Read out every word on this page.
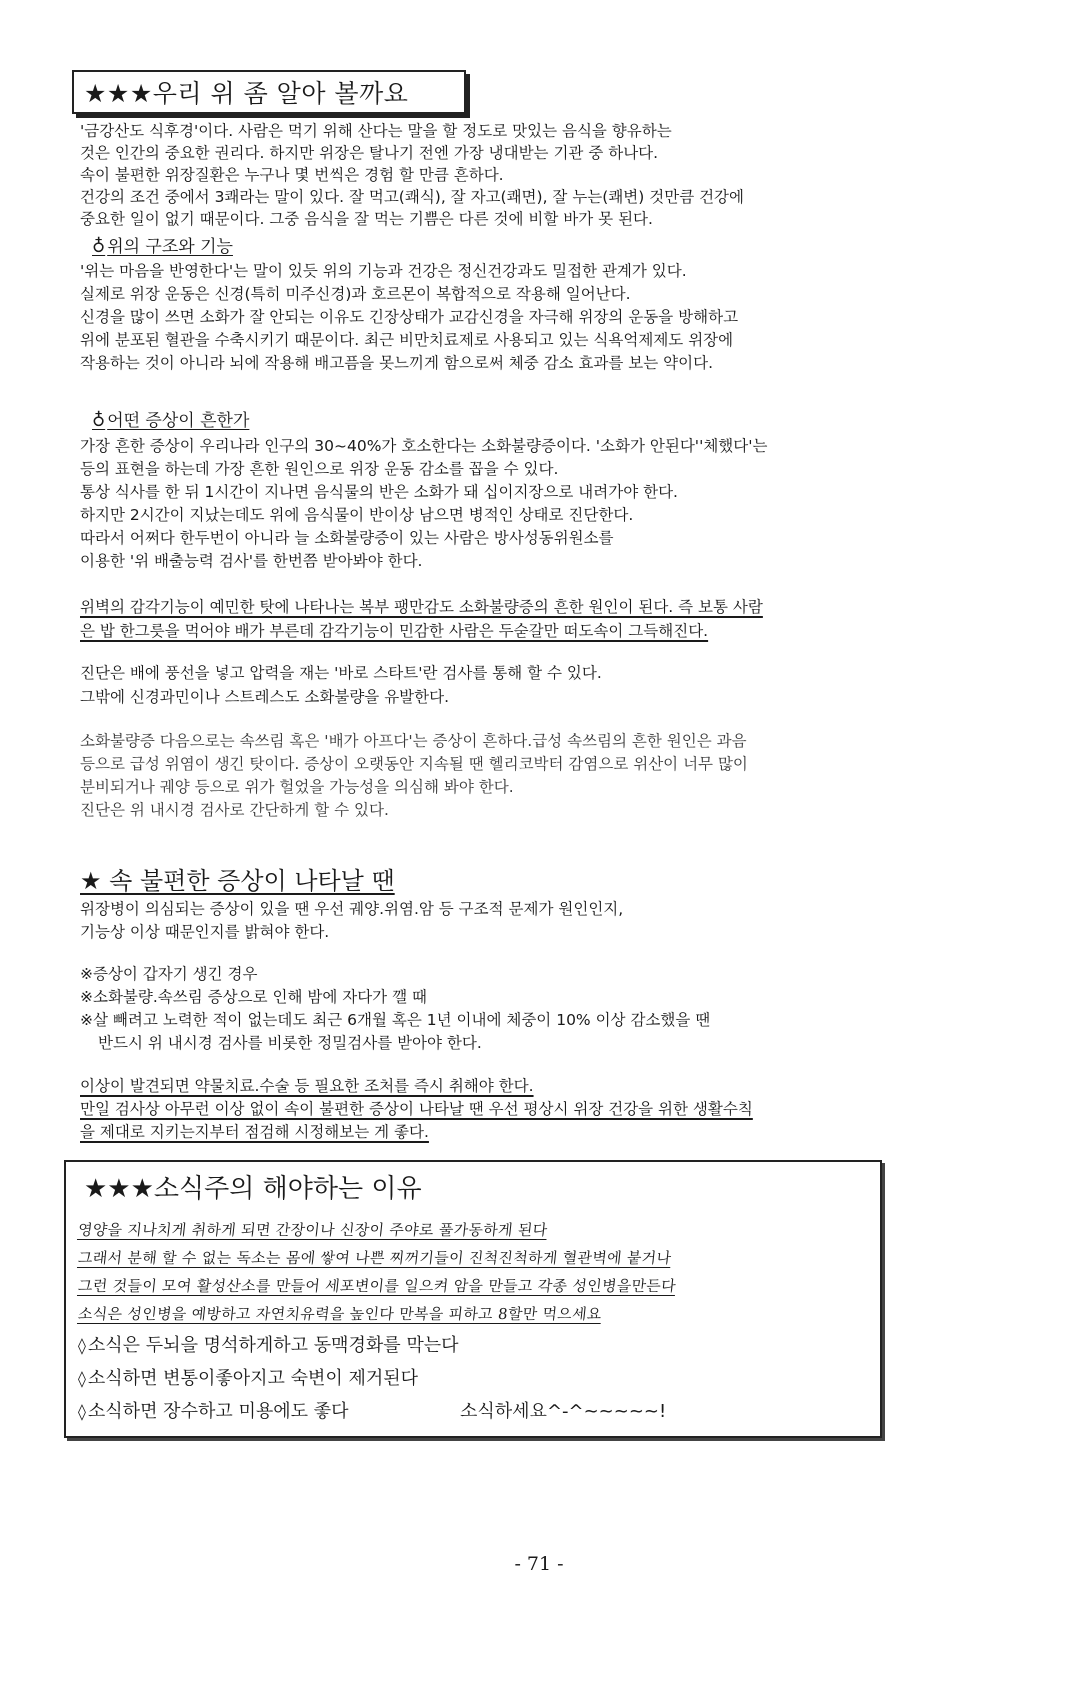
★★★우리 위 좀 알아 볼까요
'금강산도 식후경'이다. 사람은 먹기 위해 산다는 말을 할 정도로 맛있는 음식을 향유하는
것은 인간의 중요한 권리다. 하지만 위장은 탈나기 전엔 가장 냉대받는 기관 중 하나다.
속이 불편한 위장질환은 누구나 몇 번씩은 경험 할 만큼 흔하다.
건강의 조건 중에서 3쾌라는 말이 있다. 잘 먹고(쾌식), 잘 자고(쾌면), 잘 누는(쾌변) 것만큼 건강에
중요한 일이 없기 때문이다. 그중 음식을 잘 먹는 기쁨은 다른 것에 비할 바가 못 된다.
♁ 위의 구조와 기능
'위는 마음을 반영한다'는 말이 있듯 위의 기능과 건강은 정신건강과도 밀접한 관계가 있다.
실제로 위장 운동은 신경(특히 미주신경)과 호르몬이 복합적으로 작용해 일어난다.
신경을 많이 쓰면 소화가 잘 안되는 이유도 긴장상태가 교감신경을 자극해 위장의 운동을 방해하고
위에 분포된 혈관을 수축시키기 때문이다. 최근 비만치료제로 사용되고 있는 식욕억제제도 위장에
작용하는 것이 아니라 뇌에 작용해 배고픔을 못느끼게 함으로써 체중 감소 효과를 보는 약이다.
♁ 어떤 증상이 흔한가
가장 흔한 증상이 우리나라 인구의 30~40%가 호소한다는 소화불량증이다. '소화가 안된다''체했다'는
등의 표현을 하는데 가장 흔한 원인으로 위장 운동 감소를 꼽을 수 있다.
통상 식사를 한 뒤 1시간이 지나면 음식물의 반은 소화가 돼 십이지장으로 내려가야 한다.
하지만 2시간이 지났는데도 위에 음식물이 반이상 남으면 병적인 상태로 진단한다.
따라서 어쩌다 한두번이 아니라 늘 소화불량증이 있는 사람은 방사성동위원소를
이용한 '위 배출능력 검사'를 한번쯤 받아봐야 한다.
위벽의 감각기능이 예민한 탓에 나타나는 복부 팽만감도 소화불량증의 흔한 원인이 된다. 즉 보통 사람
은 밥 한그릇을 먹어야 배가 부른데 감각기능이 민감한 사람은 두숟갈만 떠도속이 그득해진다.
진단은 배에 풍선을 넣고 압력을 재는 '바로 스타트'란 검사를 통해 할 수 있다.
그밖에 신경과민이나 스트레스도 소화불량을 유발한다.
소화불량증 다음으로는 속쓰림 혹은 '배가 아프다'는 증상이 흔하다.급성 속쓰림의 흔한 원인은 과음
등으로 급성 위염이 생긴 탓이다. 증상이 오랫동안 지속될 땐 헬리코박터 감염으로 위산이 너무 많이
분비되거나 궤양 등으로 위가 헐었을 가능성을 의심해 봐야 한다.
진단은 위 내시경 검사로 간단하게 할 수 있다.
★ 속 불편한 증상이 나타날 땐
위장병이 의심되는 증상이 있을 땐 우선 궤양.위염.암 등 구조적 문제가 원인인지,
기능상 이상 때문인지를 밝혀야 한다.
※증상이 갑자기 생긴 경우
※소화불량.속쓰림 증상으로 인해 밤에 자다가 깰 때
※살 빼려고 노력한 적이 없는데도 최근 6개월 혹은 1년 이내에 체중이 10% 이상 감소했을 땐
반드시 위 내시경 검사를 비롯한 정밀검사를 받아야 한다.
이상이 발견되면 약물치료.수술 등 필요한 조처를 즉시 취해야 한다.
만일 검사상 아무런 이상 없이 속이 불편한 증상이 나타날 땐 우선 평상시 위장 건강을 위한 생활수칙
을 제대로 지키는지부터 점검해 시정해보는 게 좋다.
★★★소식주의 해야하는 이유
영양을 지나치게 취하게 되면 간장이나 신장이 주야로 풀가동하게 된다
그래서 분해 할 수 없는 독소는 몸에 쌓여 나쁜 찌꺼기들이 진척진척하게 혈관벽에 붙거나
그런 것들이 모여 활성산소를 만들어 세포변이를 일으켜 암을 만들고 각종 성인병을만든다
소식은 성인병을 예방하고 자연치유력을 높인다 만복을 피하고 8할만 먹으세요
◊ 소식은 두뇌을 명석하게하고 동맥경화를 막는다
◊ 소식하면 변통이좋아지고 숙변이 제거된다
◊ 소식하면 장수하고 미용에도 좋다	소식하세요^-^~~~~~!
- 71 -
